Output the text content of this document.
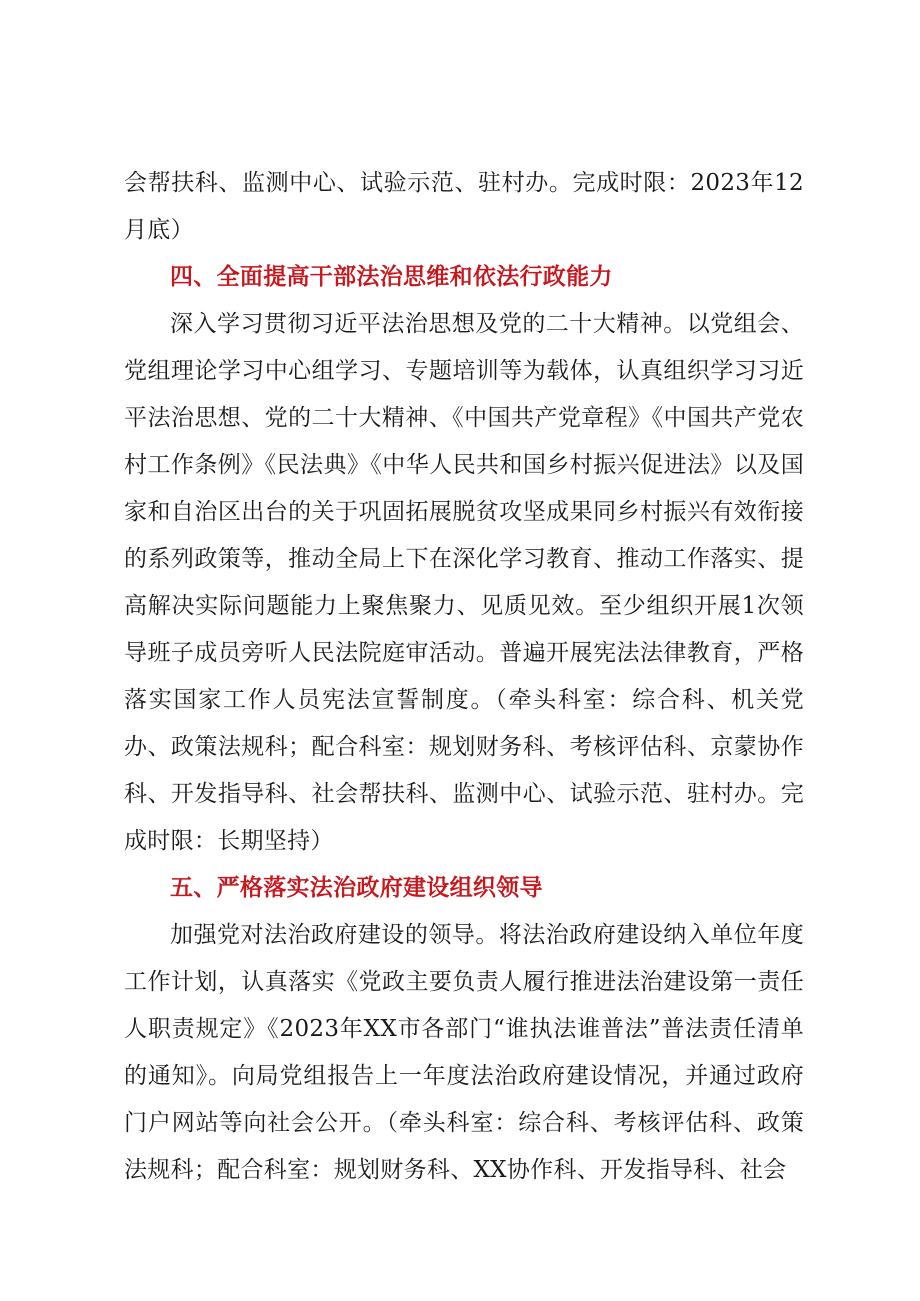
会帮扶科、监测中心、试验示范、驻村办。完成时限：2023年12月底）

四、全面提高干部法治思维和依法行政能力

深入学习贯彻习近平法治思想及党的二十大精神。以党组会、党组理论学习中心组学习、专题培训等为载体，认真组织学习习近平法治思想、党的二十大精神、《中国共产党章程》《中国共产党农村工作条例》《民法典》《中华人民共和国乡村振兴促进法》以及国家和自治区出台的关于巩固拓展脱贫攻坚成果同乡村振兴有效衔接的系列政策等，推动全局上下在深化学习教育、推动工作落实、提高解决实际问题能力上聚焦聚力、见质见效。至少组织开展1次领导班子成员旁听人民法院庭审活动。普遍开展宪法法律教育，严格落实国家工作人员宪法宣誓制度。（牵头科室：综合科、机关党办、政策法规科；配合科室：规划财务科、考核评估科、京蒙协作科、开发指导科、社会帮扶科、监测中心、试验示范、驻村办。完成时限：长期坚持）

五、严格落实法治政府建设组织领导

加强党对法治政府建设的领导。将法治政府建设纳入单位年度工作计划，认真落实《党政主要负责人履行推进法治建设第一责任人职责规定》《2023年XX市各部门“谁执法谁普法”普法责任清单的通知》。向局党组报告上一年度法治政府建设情况，并通过政府门户网站等向社会公开。（牵头科室：综合科、考核评估科、政策法规科；配合科室：规划财务科、XX协作科、开发指导科、社会
